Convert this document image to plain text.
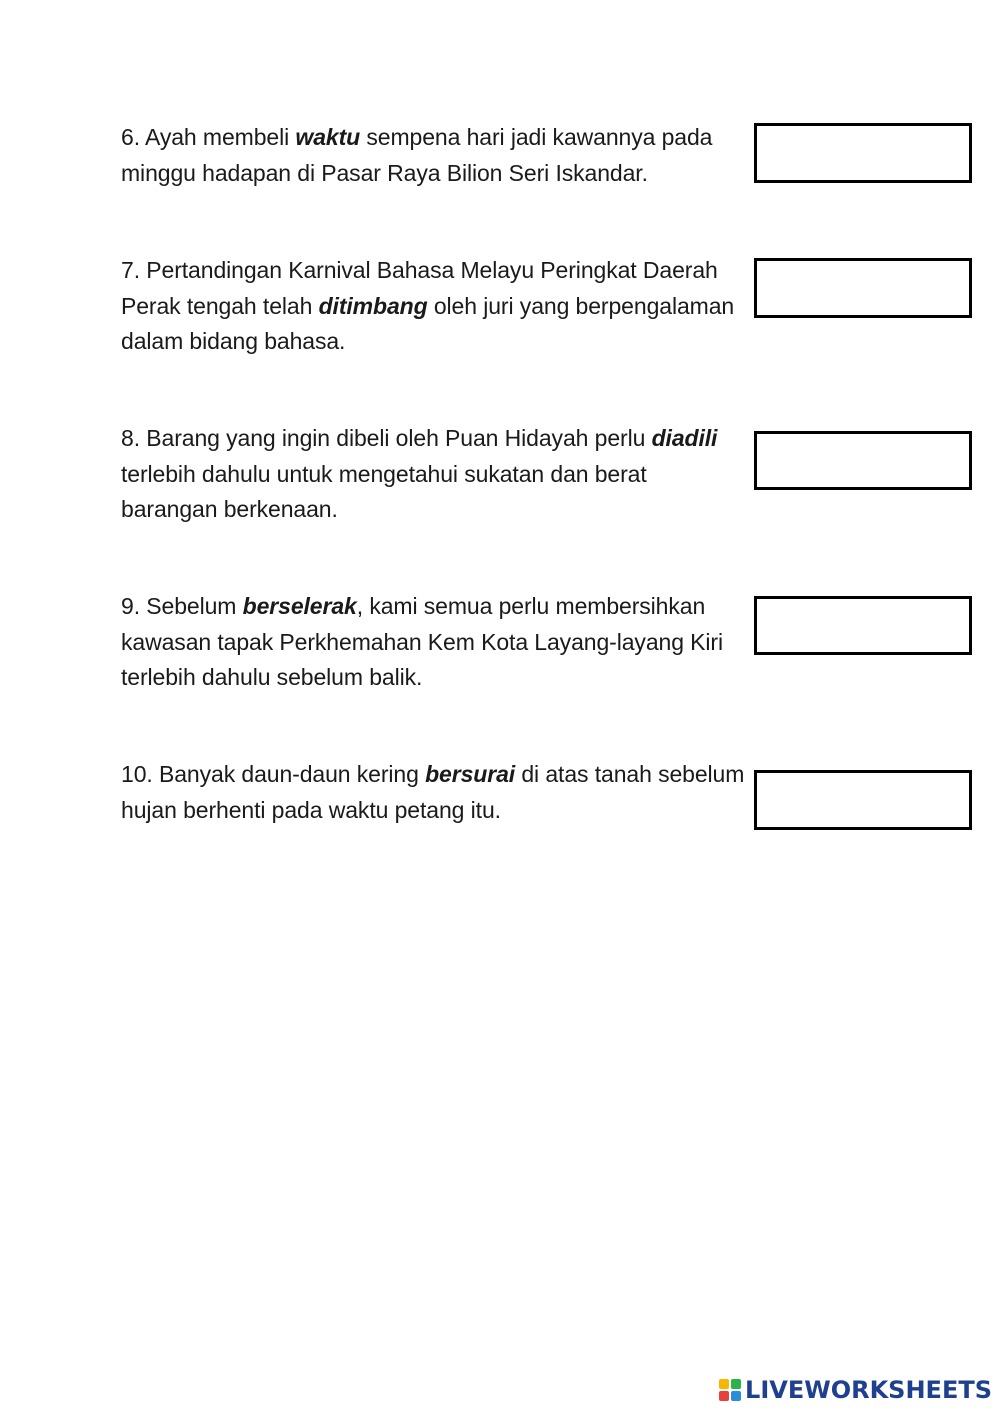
6. Ayah membeli waktu sempena hari jadi kawannya pada minggu hadapan di Pasar Raya Bilion Seri Iskandar.
7. Pertandingan Karnival Bahasa Melayu Peringkat Daerah Perak tengah telah ditimbang oleh juri yang berpengalaman dalam bidang bahasa.
8. Barang yang ingin dibeli oleh Puan Hidayah perlu diadili terlebih dahulu untuk mengetahui sukatan dan berat barangan berkenaan.
9. Sebelum berselerak, kami semua perlu membersihkan kawasan tapak Perkhemahan Kem Kota Layang-layang Kiri terlebih dahulu sebelum balik.
10. Banyak daun-daun kering bersurai di atas tanah sebelum hujan berhenti pada waktu petang itu.
LIVEWORKSHEETS
